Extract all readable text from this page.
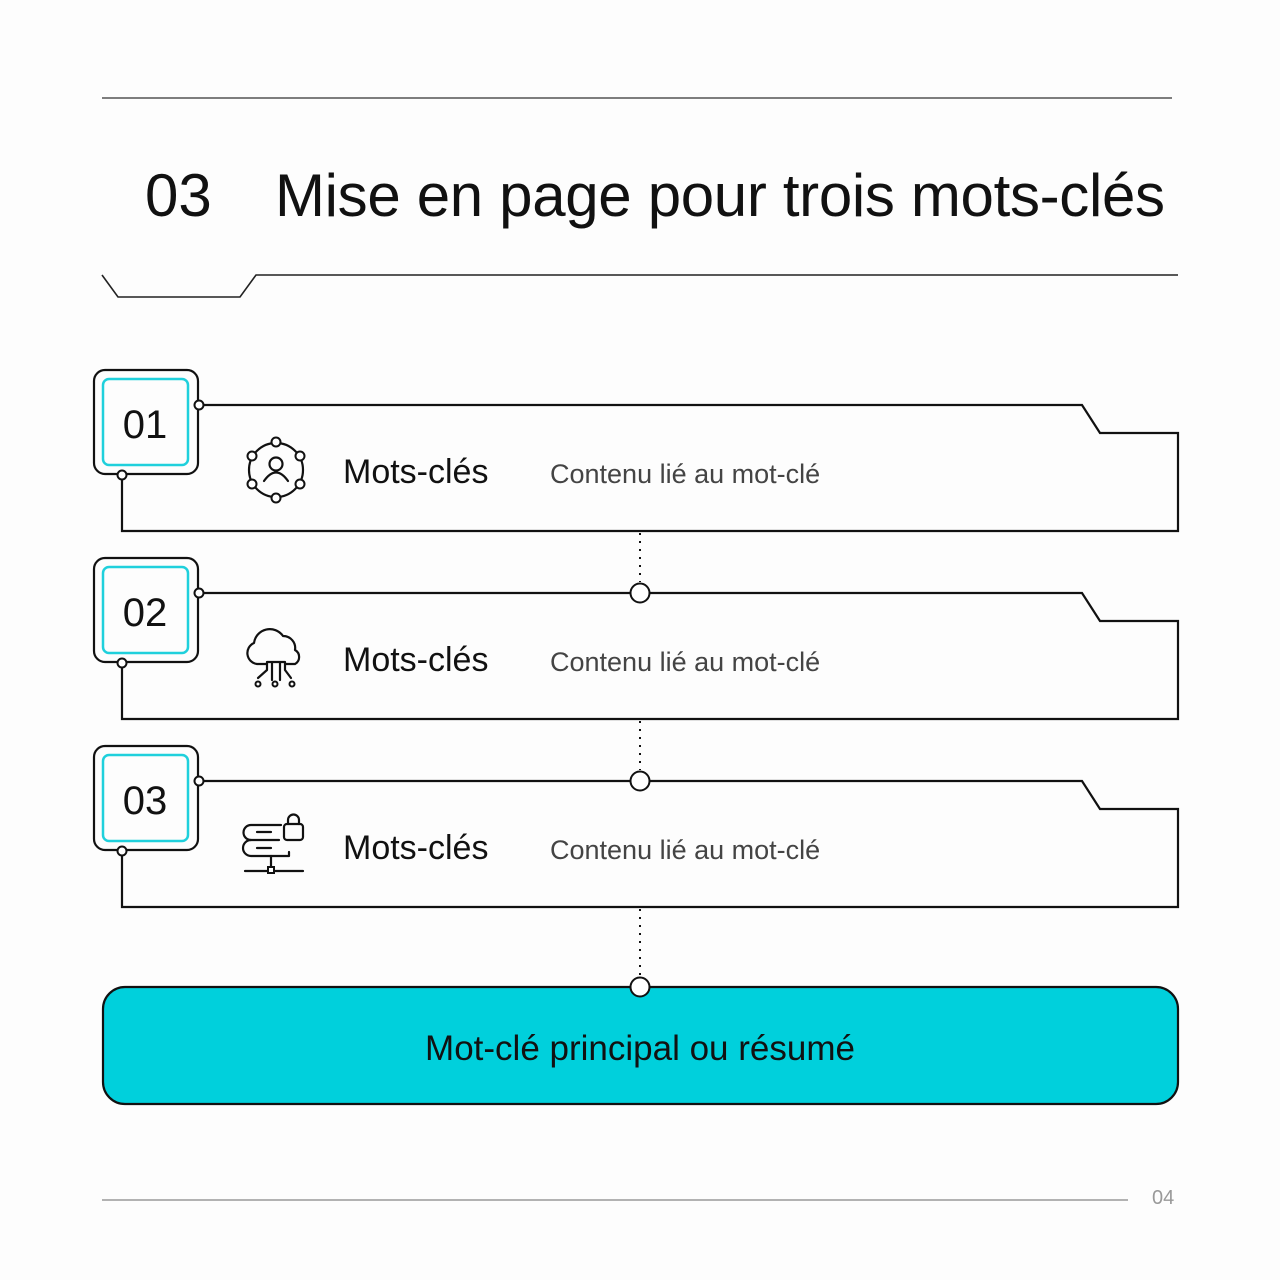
03 Mise en page pour trois mots-clés
01
Mots-clés Contenu lié au mot-clé
02
Mots-clés Contenu lié au mot-clé
03
Mots-clés Contenu lié au mot-clé
Mot-clé principal ou résumé
04
